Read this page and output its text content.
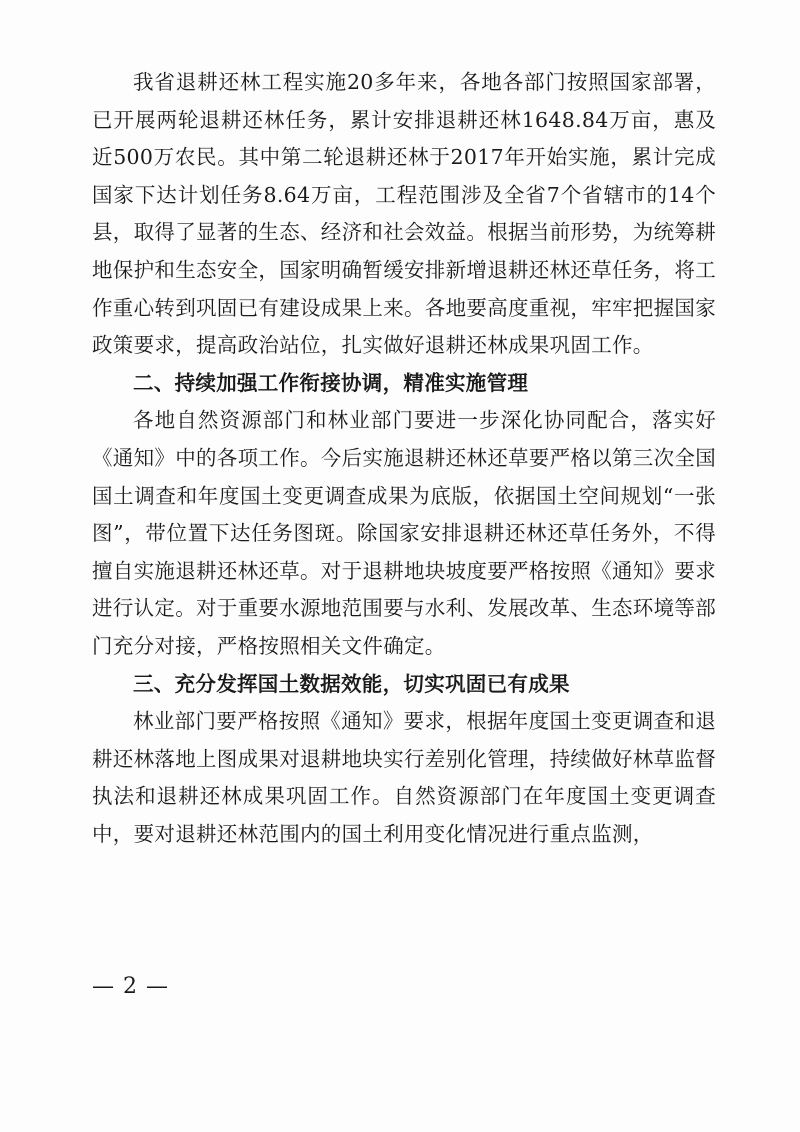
我省退耕还林工程实施20多年来，各地各部门按照国家部署，已开展两轮退耕还林任务，累计安排退耕还林1648.84万亩，惠及近500万农民。其中第二轮退耕还林于2017年开始实施，累计完成国家下达计划任务8.64万亩，工程范围涉及全省7个省辖市的14个县，取得了显著的生态、经济和社会效益。根据当前形势，为统筹耕地保护和生态安全，国家明确暂缓安排新增退耕还林还草任务，将工作重心转到巩固已有建设成果上来。各地要高度重视，牢牢把握国家政策要求，提高政治站位，扎实做好退耕还林成果巩固工作。

二、持续加强工作衔接协调，精准实施管理

各地自然资源部门和林业部门要进一步深化协同配合，落实好《通知》中的各项工作。今后实施退耕还林还草要严格以第三次全国国土调查和年度国土变更调查成果为底版，依据国土空间规划“一张图”，带位置下达任务图斑。除国家安排退耕还林还草任务外，不得擅自实施退耕还林还草。对于退耕地块坡度要严格按照《通知》要求进行认定。对于重要水源地范围要与水利、发展改革、生态环境等部门充分对接，严格按照相关文件确定。

三、充分发挥国土数据效能，切实巩固已有成果

林业部门要严格按照《通知》要求，根据年度国土变更调查和退耕还林落地上图成果对退耕地块实行差别化管理，持续做好林草监督执法和退耕还林成果巩固工作。自然资源部门在年度国土变更调查中，要对退耕还林范围内的国土利用变化情况进行重点监测，

— 2 —
